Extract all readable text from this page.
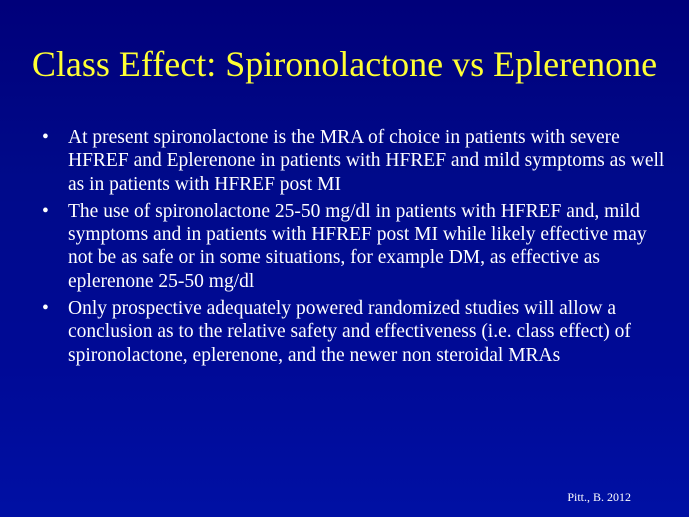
Class Effect: Spironolactone vs Eplerenone
• At present spironolactone is the MRA of choice in patients with severe HFREF and Eplerenone in patients with HFREF and mild symptoms as well as in patients with HFREF post MI
• The use of spironolactone 25-50 mg/dl in patients with HFREF and, mild symptoms and in patients with HFREF post MI while likely effective may not be as safe or in some situations, for example DM, as effective as eplerenone 25-50 mg/dl
• Only prospective adequately powered randomized studies will allow a conclusion as to the relative safety and effectiveness (i.e. class effect) of spironolactone, eplerenone, and the newer non steroidal MRAs
Pitt., B. 2012
